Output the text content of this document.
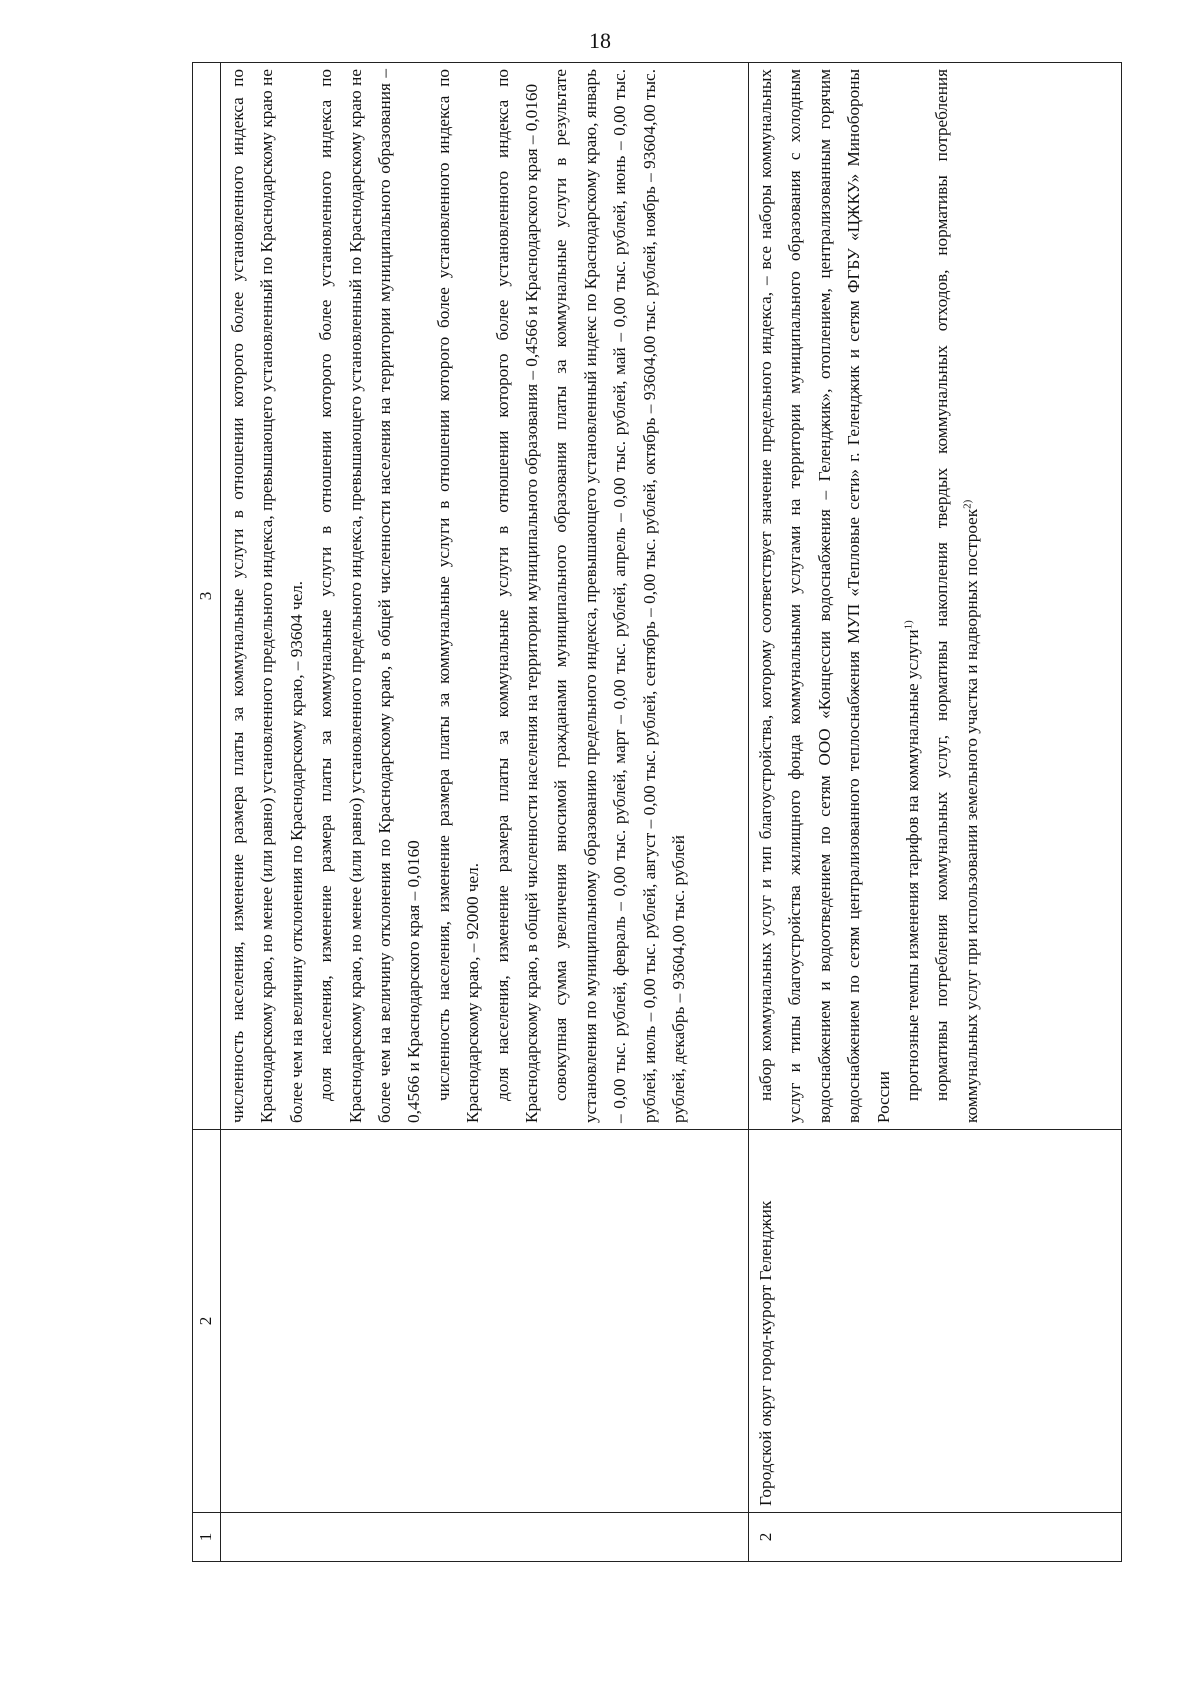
18
1	2	3

		численность населения, изменение размера платы за коммунальные услуги в отношении которого более установленного индекса по Краснодарскому краю, но менее (или равно) установленного предельного индекса, превышающего установленный по Краснодарскому краю не более чем на величину отклонения по Краснодарскому краю, – 93604 чел. доля населения, изменение размера платы за коммунальные услуги в отношении которого более установленного индекса по Краснодарскому краю, но менее (или равно) установленного предельного индекса, превышающего установленный по Краснодарскому краю не более чем на величину отклонения по Краснодарскому краю, в общей численности населения на территории муниципального образования – 0,4566 и Краснодарского края – 0,0160 численность населения, изменение размера платы за коммунальные услуги в отношении которого более установленного индекса по Краснодарскому краю, – 92000 чел. доля населения, изменение размера платы за коммунальные услуги в отношении которого более установленного индекса по Краснодарскому краю, в общей численности населения на территории муниципального образования – 0,4566 и Краснодарского края – 0,0160 совокупная сумма увеличения вносимой гражданами муниципального образования платы за коммунальные услуги в результате установления по муниципальному образованию предельного индекса, превышающего установленный индекс по Краснодарскому краю, январь – 0,00 тыс. рублей, февраль – 0,00 тыс. рублей, март – 0,00 тыс. рублей, апрель – 0,00 тыс. рублей, май – 0,00 тыс. рублей, июнь – 0,00 тыс. рублей, июль – 0,00 тыс. рублей, август – 0,00 тыс. рублей, сентябрь – 0,00 тыс. рублей, октябрь – 93604,00 тыс. рублей, ноябрь – 93604,00 тыс. рублей, декабрь – 93604,00 тыс. рублей

2	Городской округ город-курорт Геленджик	набор коммунальных услуг и тип благоустройства, которому соответствует значение предельного индекса, – все наборы коммунальных услуг и типы благоустройства жилищного фонда коммунальными услугами на территории муниципального образования с холодным водоснабжением и водоотведением по сетям ООО «Концессии водоснабжения – Геленджик», отоплением, централизованным горячим водоснабжением по сетям централизованного теплоснабжения МУП «Тепловые сети» г. Геленджик и сетям ФГБУ «ЦЖКУ» Минобороны России прогнозные темпы изменения тарифов на коммунальные услуги$^{1)}$ нормативы потребления коммунальных услуг, нормативы накопления твердых коммунальных отходов, нормативы потребления коммунальных услуг при использовании земельного участка и надворных построек$^{2)}$
